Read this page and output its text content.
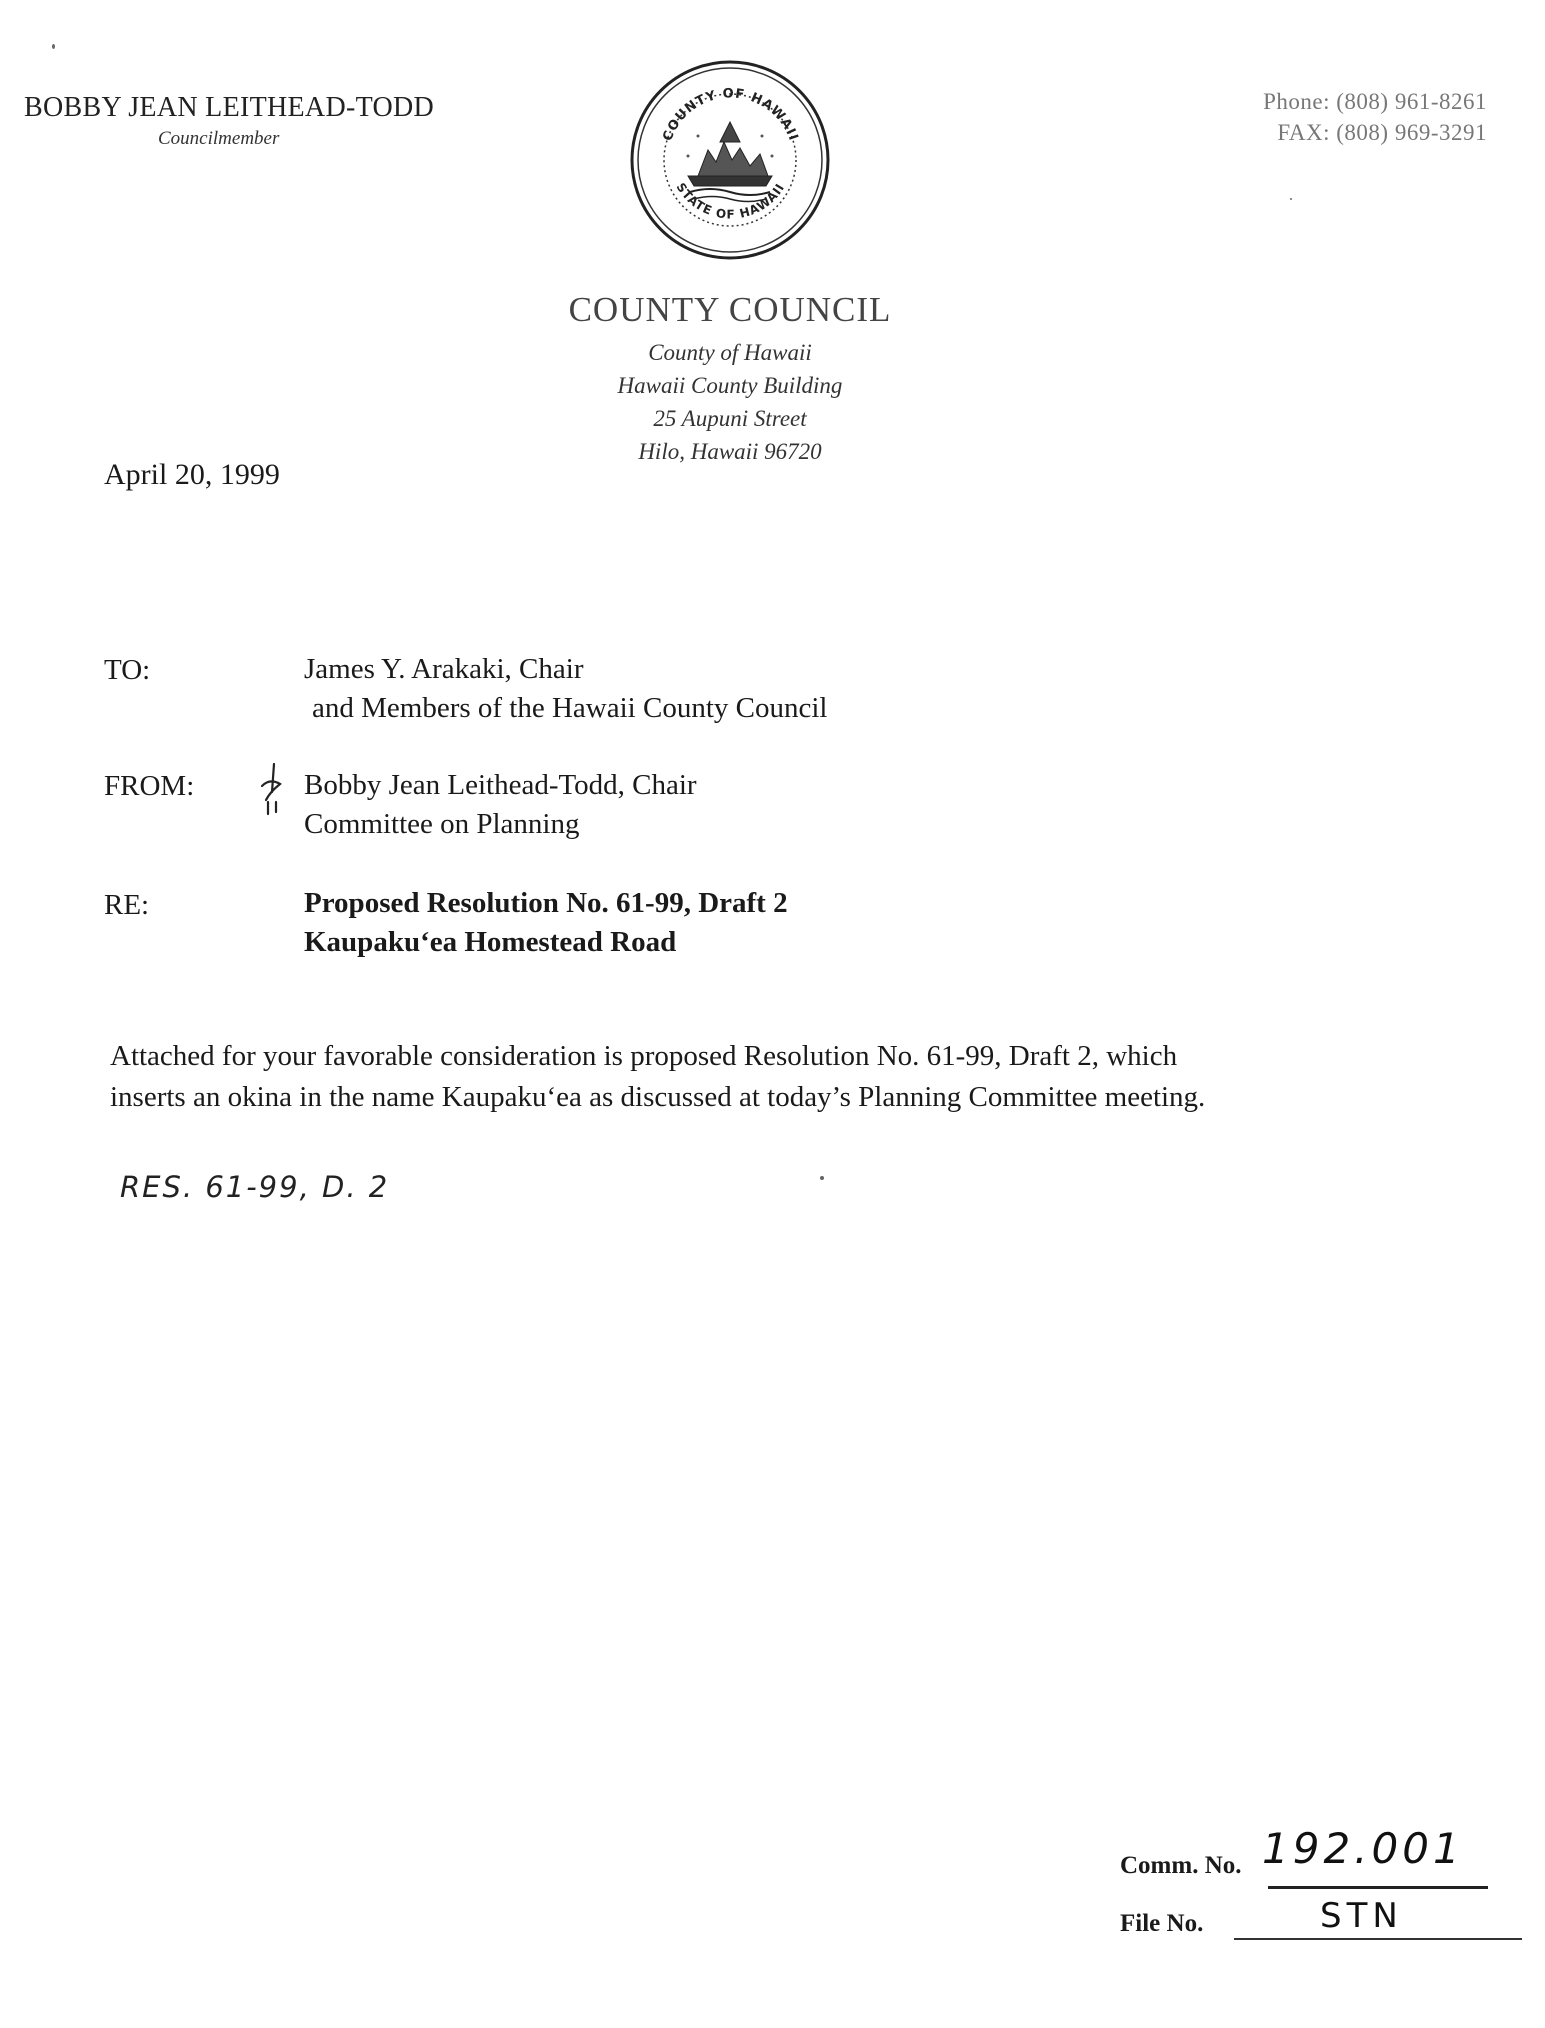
BOBBY JEAN LEITHEAD-TODD
Councilmember	COUNTY OF HAWAII
STATE OF HAWAII
Phone: (808) 961-8261
FAX: (808) 969-3291
COUNTY COUNCIL
County of Hawaii
Hawaii County Building
25 Aupuni Street
Hilo, Hawaii 96720
April 20, 1999
TO:	James Y. Arakaki, Chair
and Members of the Hawaii County Council
FROM:	Bobby Jean Leithead-Todd, Chair
Committee on Planning
RE:	Proposed Resolution No. 61-99, Draft 2
Kaupaku‘ea Homestead Road
Attached for your favorable consideration is proposed Resolution No. 61-99, Draft 2, which
inserts an okina in the name Kaupaku‘ea as discussed at today’s Planning Committee meeting.
RES. 61-99, D. 2
Comm. No. 192.001
File No.	STN
